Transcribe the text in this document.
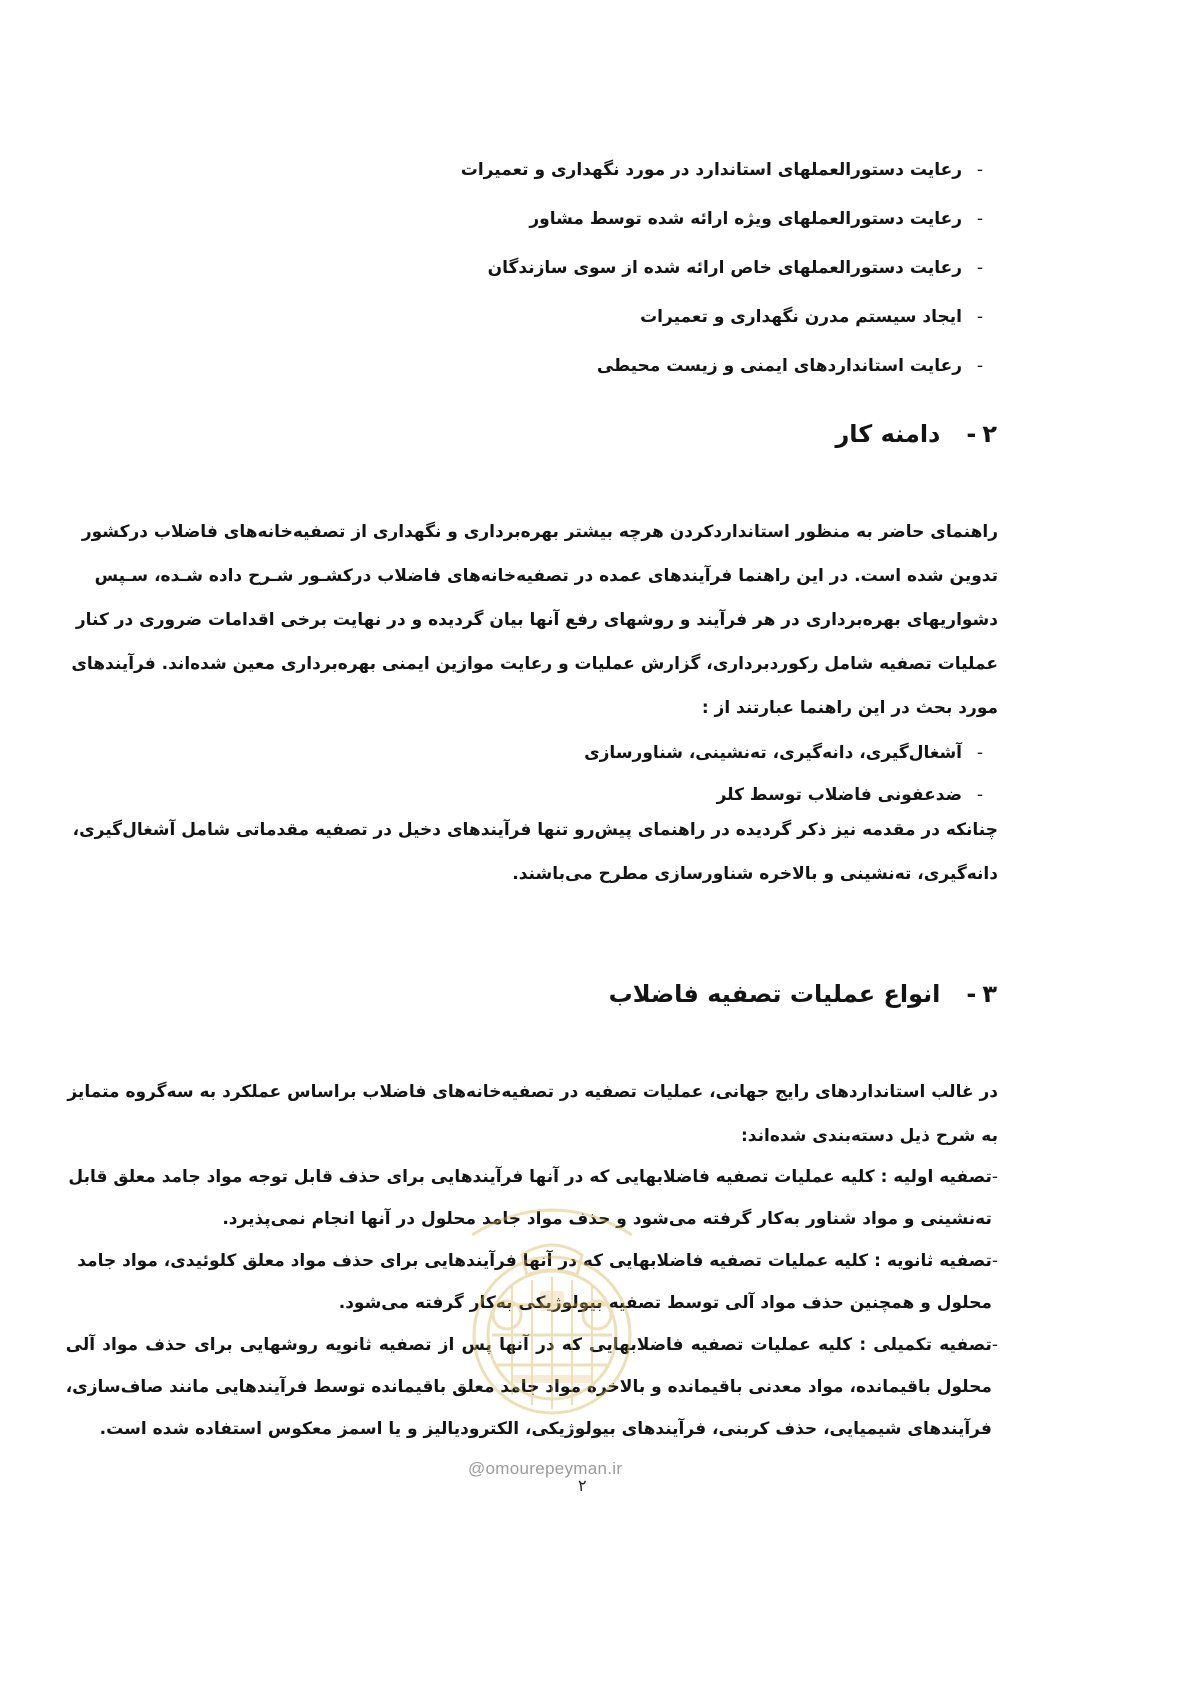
-
رعایت دستورالعملهای استاندارد در مورد نگهداری و تعمیرات
-
رعایت دستورالعملهای ویژه ارائه شده توسط مشاور
-
رعایت دستورالعملهای خاص ارائه شده از سوی سازندگان
-
ایجاد سیستم مدرن نگهداری و تعمیرات
-
رعایت استانداردهای ایمنی و زیست محیطی
۲
-
دامنه کار
راهنمای حاضر به منظور استانداردکردن هرچه بیشتر بهره‌برداری و نگهداری از تصفیه‌خانه‌های فاضلاب درکشور
تدوین شده است. در این راهنما فرآیندهای عمده در تصفیه‌خانه‌های فاضلاب درکشـور شـرح داده شـده، سـپس
دشواریهای بهره‌برداری در هر فرآیند و روشهای رفع آنها بیان گردیده و در نهایت برخی اقدامات ضروری در کنار
عملیات تصفیه شامل رکوردبرداری، گزارش عملیات و رعایت موازین ایمنی بهره‌برداری معین شده‌اند. فرآیندهای
مورد بحث در این راهنما عبارتند از :
-
آشغال‌گیری، دانه‌گیری، ته‌نشینی، شناورسازی
-
ضدعفونی فاضلاب توسط کلر
چنانکه در مقدمه نیز ذکر گردیده در راهنمای پیش‌رو تنها فرآیندهای دخیل در تصفیه مقدماتی شامل آشغال‌گیری،
دانه‌گیری، ته‌نشینی و بالاخره شناورسازی مطرح می‌باشند.
۳
-
انواع عملیات تصفیه فاضلاب
در غالب استانداردهای رایج جهانی، عملیات تصفیه در تصفیه‌خانه‌های فاضلاب براساس عملکرد به سه‌گروه متمایز
به شرح ذیل دسته‌بندی شده‌اند:
-
تصفیه اولیه : کلیه عملیات تصفیه فاضلابهایی که در آنها فرآیندهایی برای حذف قابل توجه مواد جامد معلق قابل
ته‌نشینی و مواد شناور به‌کار گرفته می‌شود و حذف مواد جامد محلول در آنها انجام نمی‌پذیرد.
-
تصفیه ثانویه : کلیه عملیات تصفیه فاضلابهایی که در آنها فرآیندهایی برای حذف مواد معلق کلوئیدی، مواد جامد
محلول و همچنین حذف مواد آلی توسط تصفیه بیولوژیکی به‌کار گرفته می‌شود.
-
تصفیه تکمیلی : کلیه عملیات تصفیه فاضلابهایی که در آنها پس از تصفیه ثانویه روشهایی برای حذف مواد آلی
محلول باقیمانده، مواد معدنی باقیمانده و بالاخره مواد جامد معلق باقیمانده توسط فرآیندهایی مانند صاف‌سازی،
فرآیندهای شیمیایی، حذف کربنی، فرآیندهای بیولوژیکی، الکترودیالیز و یا اسمز معکوس استفاده شده است.
@omourepeyman.ir
۲
